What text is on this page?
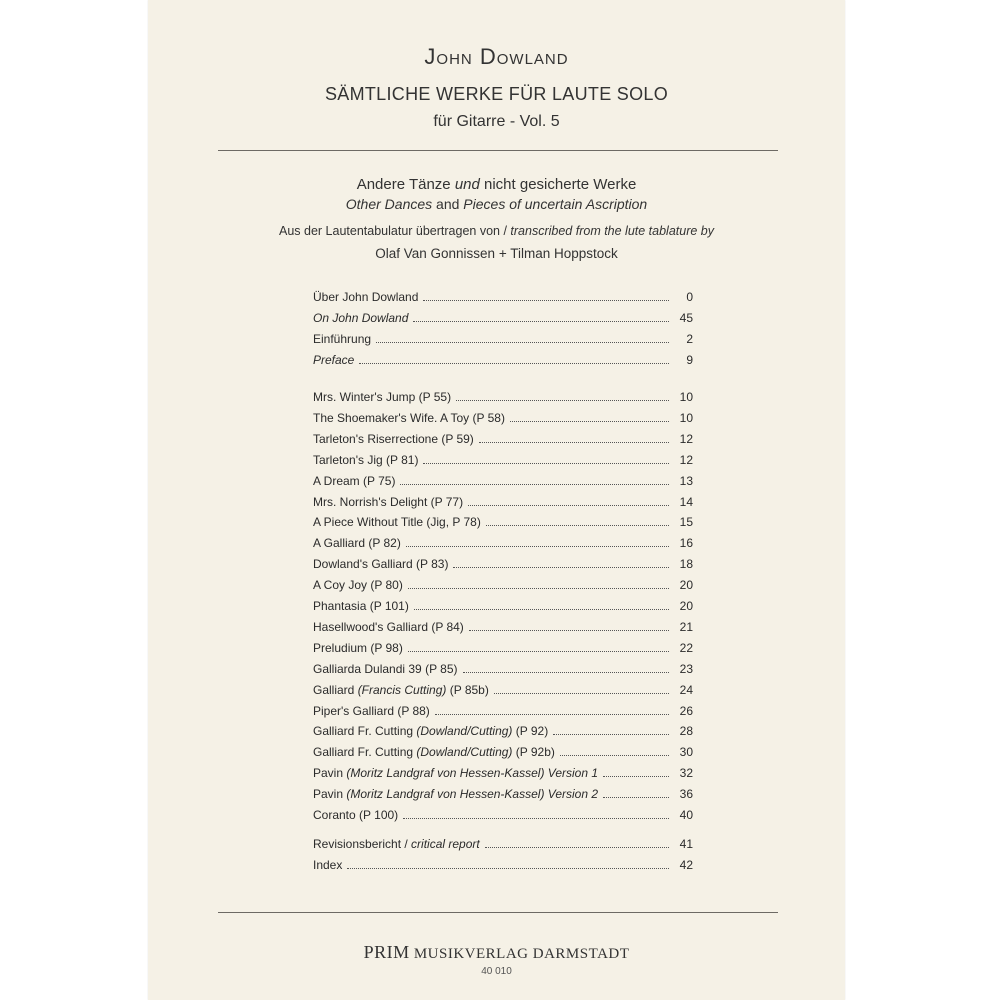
John Dowland
SÄMTLICHE WERKE FÜR LAUTE SOLO
für Gitarre - Vol. 5
Andere Tänze und nicht gesicherte Werke
Other Dances and Pieces of uncertain Ascription
Aus der Lautentabulatur übertragen von / transcribed from the lute tablature by
Olaf Van Gonnissen + Tilman Hoppstock
Über John Dowland	0
On John Dowland	45
Einführung	2
Preface	9
Mrs. Winter's Jump (P 55)	10
The Shoemaker's Wife. A Toy (P 58)	10
Tarleton's Riserrectione (P 59)	12
Tarleton's Jig (P 81)	12
A Dream (P 75)	13
Mrs. Norrish's Delight (P 77)	14
A Piece Without Title (Jig, P 78)	15
A Galliard (P 82)	16
Dowland's Galliard (P 83)	18
A Coy Joy (P 80)	20
Phantasia (P 101)	20
Hasellwood's Galliard (P 84)	21
Preludium (P 98)	22
Galliarda Dulandi 39 (P 85)	23
Galliard (Francis Cutting) (P 85b)	24
Piper's Galliard (P 88)	26
Galliard Fr. Cutting (Dowland/Cutting) (P 92)	28
Galliard Fr. Cutting (Dowland/Cutting) (P 92b)	30
Pavin (Moritz Landgraf von Hessen-Kassel) Version 1	32
Pavin (Moritz Landgraf von Hessen-Kassel) Version 2	36
Coranto (P 100)	40
Revisionsbericht / critical report	41
Index	42
PRIM MUSIKVERLAG DARMSTADT
40 010
